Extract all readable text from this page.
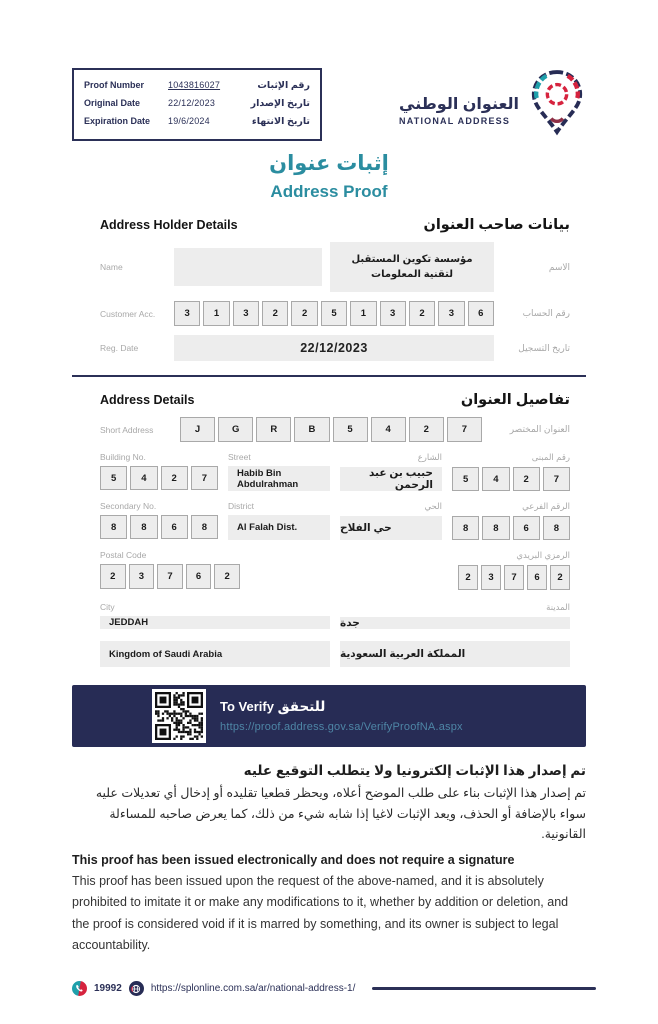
Proof Number	1043816027	رقم الإثبات
Original Date	22/12/2023	تاريخ الإصدار
Expiration Date	19/6/2024	تاريخ الانتهاء
العنوان الوطني
NATIONAL ADDRESS
إثبات عنوان
Address Proof
Address Holder Details	بيانات صاحب العنوان
Name
مؤسسة تكوين المستقبل لتقنية المعلومات
الاسم
Customer Acc.	3	1	3	2	2	5	1	3	2	3	6	رقم الحساب
Reg. Date	22/12/2023	تاريخ التسجيل
Address Details	تفاصيل العنوان
Short Address	J	G	R	B	5	4	2	7	العنوان المختصر
Building No.
5	4	2	7
Street
Habib Bin Abdulrahman
الشارع
حبيب بن عبد الرحمن
رقم المبنى
5	4	2	7
Secondary No.
8	8	6	8
District
Al Falah Dist.
الحي
حي الفلاح
الرقم الفرعي
8	8	6	8
Postal Code
2	3	7	6	2
الرمزي البريدي
2	3	7	6	2
City
JEDDAH
المدينة
جدة
Kingdom of Saudi Arabia	المملكة العربية السعودية
To Verify للتحقق
https://proof.address.gov.sa/VerifyProofNA.aspx
تم إصدار هذا الإثبات إلكترونيا ولا يتطلب التوقيع عليه
تم إصدار هذا الإثبات بناء على طلب الموضح أعلاه، ويحظر قطعيا تقليده أو إدخال أي تعديلات عليه سواء بالإضافة أو الحذف، ويعد الإثبات لاغيا إذا شابه شيء من ذلك، كما يعرض صاحبه للمساءلة القانونية.
This proof has been issued electronically and does not require a signature
This proof has been issued upon the request of the above-named, and it is absolutely prohibited to imitate it or make any modifications to it, whether by addition or deletion, and the proof is considered void if it is marred by something, and its owner is subject to legal accountability.
19992	https://splonline.com.sa/ar/national-address-1/
